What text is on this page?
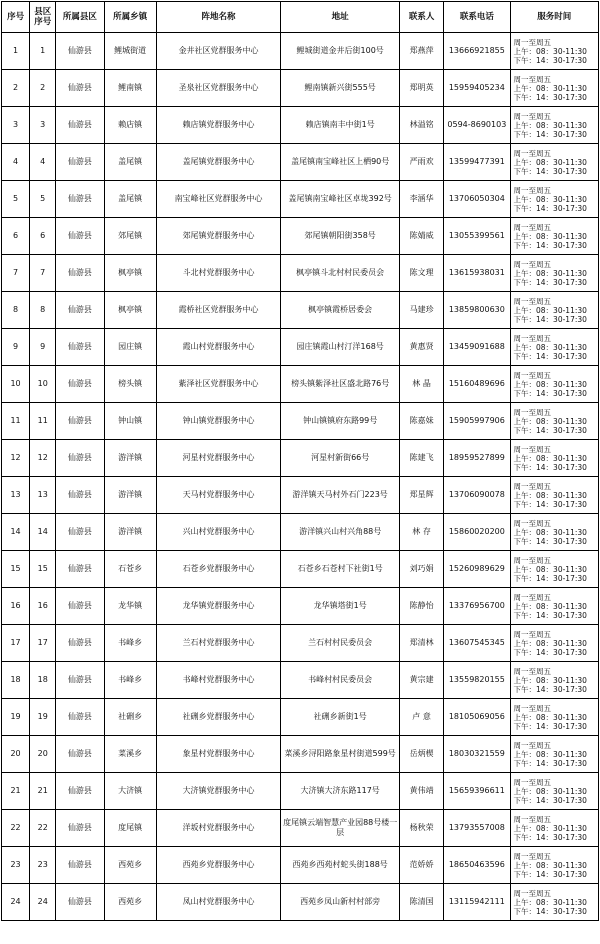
序号	县区序号	所属县区	所属乡镇	阵地名称	地址	联系人	联系电话	服务时间
1	1	仙游县	鲤城街道	金井社区党群服务中心	鲤城街道金井后街100号	郑燕萍	13666921855	周一至周五
上午：08：30-11:30
下午：14：30-17:30
2	2	仙游县	鲤南镇	圣泉社区党群服务中心	鲤南镇新兴街555号	郑明英	15959405234	周一至周五
上午：08：30-11:30
下午：14：30-17:30
3	3	仙游县	赖店镇	赖店镇党群服务中心	赖店镇南丰中街1号	林溢铭	0594-8690103	周一至周五
上午：08：30-11:30
下午：14：30-17:30
4	4	仙游县	盖尾镇	盖尾镇党群服务中心	盖尾镇南宝峰社区上栖90号	严雨欢	13599477391	周一至周五
上午：08：30-11:30
下午：14：30-17:30
5	5	仙游县	盖尾镇	南宝峰社区党群服务中心	盖尾镇南宝峰社区卓垅392号	李涵华	13706050304	周一至周五
上午：08：30-11:30
下午：14：30-17:30
6	6	仙游县	郊尾镇	郊尾镇党群服务中心	郊尾镇朝阳街358号	陈婧威	13055399561	周一至周五
上午：08：30-11:30
下午：14：30-17:30
7	7	仙游县	枫亭镇	斗北村党群服务中心	枫亭镇斗北村村民委员会	陈文理	13615938031	周一至周五
上午：08：30-11:30
下午：14：30-17:30
8	8	仙游县	枫亭镇	霞桥社区党群服务中心	枫亭镇霞桥居委会	马建珍	13859800630	周一至周五
上午：08：30-11:30
下午：14：30-17:30
9	9	仙游县	园庄镇	霞山村党群服务中心	园庄镇霞山村汀洋168号	黄惠贤	13459091688	周一至周五
上午：08：30-11:30
下午：14：30-17:30
10	10	仙游县	榜头镇	紫泽社区党群服务中心	榜头镇紫泽社区盛北路76号	林 晶	15160489696	周一至周五
上午：08：30-11:30
下午：14：30-17:30
11	11	仙游县	钟山镇	钟山镇党群服务中心	钟山镇镇府东路99号	陈嘉妹	15905997906	周一至周五
上午：08：30-11:30
下午：14：30-17:30
12	12	仙游县	游洋镇	河星村党群服务中心	河星村新街66号	陈建飞	18959527899	周一至周五
上午：08：30-11:30
下午：14：30-17:30
13	13	仙游县	游洋镇	天马村党群服务中心	游洋镇天马村外石门223号	郑星辉	13706090078	周一至周五
上午：08：30-11:30
下午：14：30-17:30
14	14	仙游县	游洋镇	兴山村党群服务中心	游洋镇兴山村兴角88号	林 存	15860020200	周一至周五
上午：08：30-11:30
下午：14：30-17:30
15	15	仙游县	石苍乡	石苍乡党群服务中心	石苍乡石苍村下社街1号	刘巧娟	15260989629	周一至周五
上午：08：30-11:30
下午：14：30-17:30
16	16	仙游县	龙华镇	龙华镇党群服务中心	龙华镇塔街1号	陈静怡	13376956700	周一至周五
上午：08：30-11:30
下午：14：30-17:30
17	17	仙游县	书峰乡	兰石村党群服务中心	兰石村村民委员会	郑清林	13607545345	周一至周五
上午：08：30-11:30
下午：14：30-17:30
18	18	仙游县	书峰乡	书峰村党群服务中心	书峰村村民委员会	黄宗建	13559820155	周一至周五
上午：08：30-11:30
下午：14：30-17:30
19	19	仙游县	社硎乡	社硎乡党群服务中心	社硎乡新街1号	卢 意	18105069056	周一至周五
上午：08：30-11:30
下午：14：30-17:30
20	20	仙游县	菜溪乡	象星村党群服务中心	菜溪乡浔阳路象星村街道599号	岳炳楔	18030321559	周一至周五
上午：08：30-11:30
下午：14：30-17:30
21	21	仙游县	大济镇	大济镇党群服务中心	大济镇大济东路117号	黄伟靖	15659396611	周一至周五
上午：08：30-11:30
下午：14：30-17:30
22	22	仙游县	度尾镇	洋坂村党群服务中心	度尾镇云端智慧产业园88号楼一层	杨秋荣	13793557008	周一至周五
上午：08：30-11:30
下午：14：30-17:30
23	23	仙游县	西苑乡	西苑乡党群服务中心	西苑乡西苑村蛇头街188号	范娇娇	18650463596	周一至周五
上午：08：30-11:30
下午：14：30-17:30
24	24	仙游县	西苑乡	凤山村党群服务中心	西苑乡凤山新村村部旁	陈清国	13115942111	周一至周五
上午：08：30-11:30
下午：14：30-17:30
